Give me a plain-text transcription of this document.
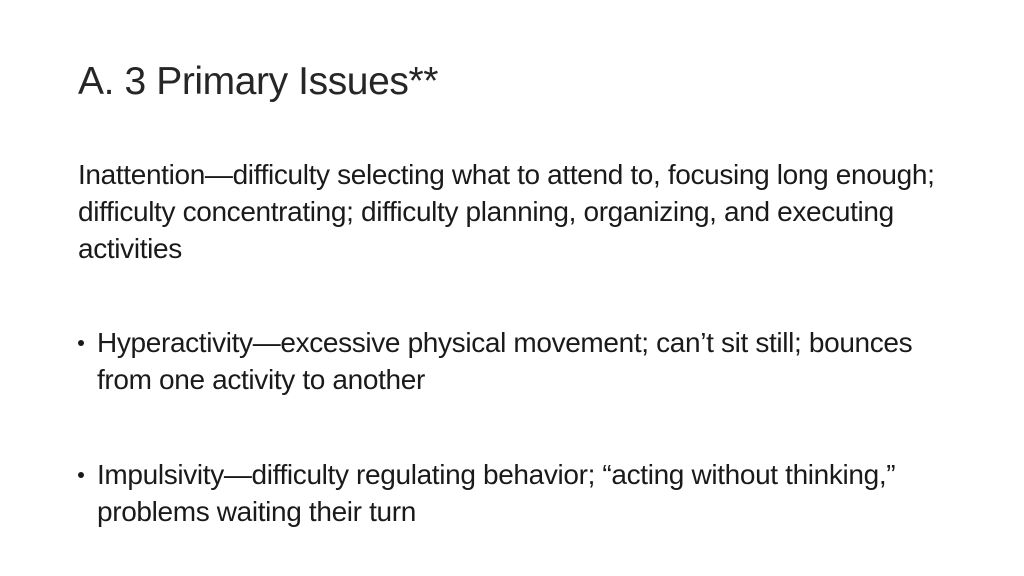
A. 3 Primary Issues**
Inattention—difficulty selecting what to attend to, focusing long enough; difficulty concentrating; difficulty planning, organizing, and executing activities
Hyperactivity—excessive physical movement; can’t sit still; bounces from one activity to another
Impulsivity—difficulty regulating behavior; “acting without thinking,” problems waiting their turn
